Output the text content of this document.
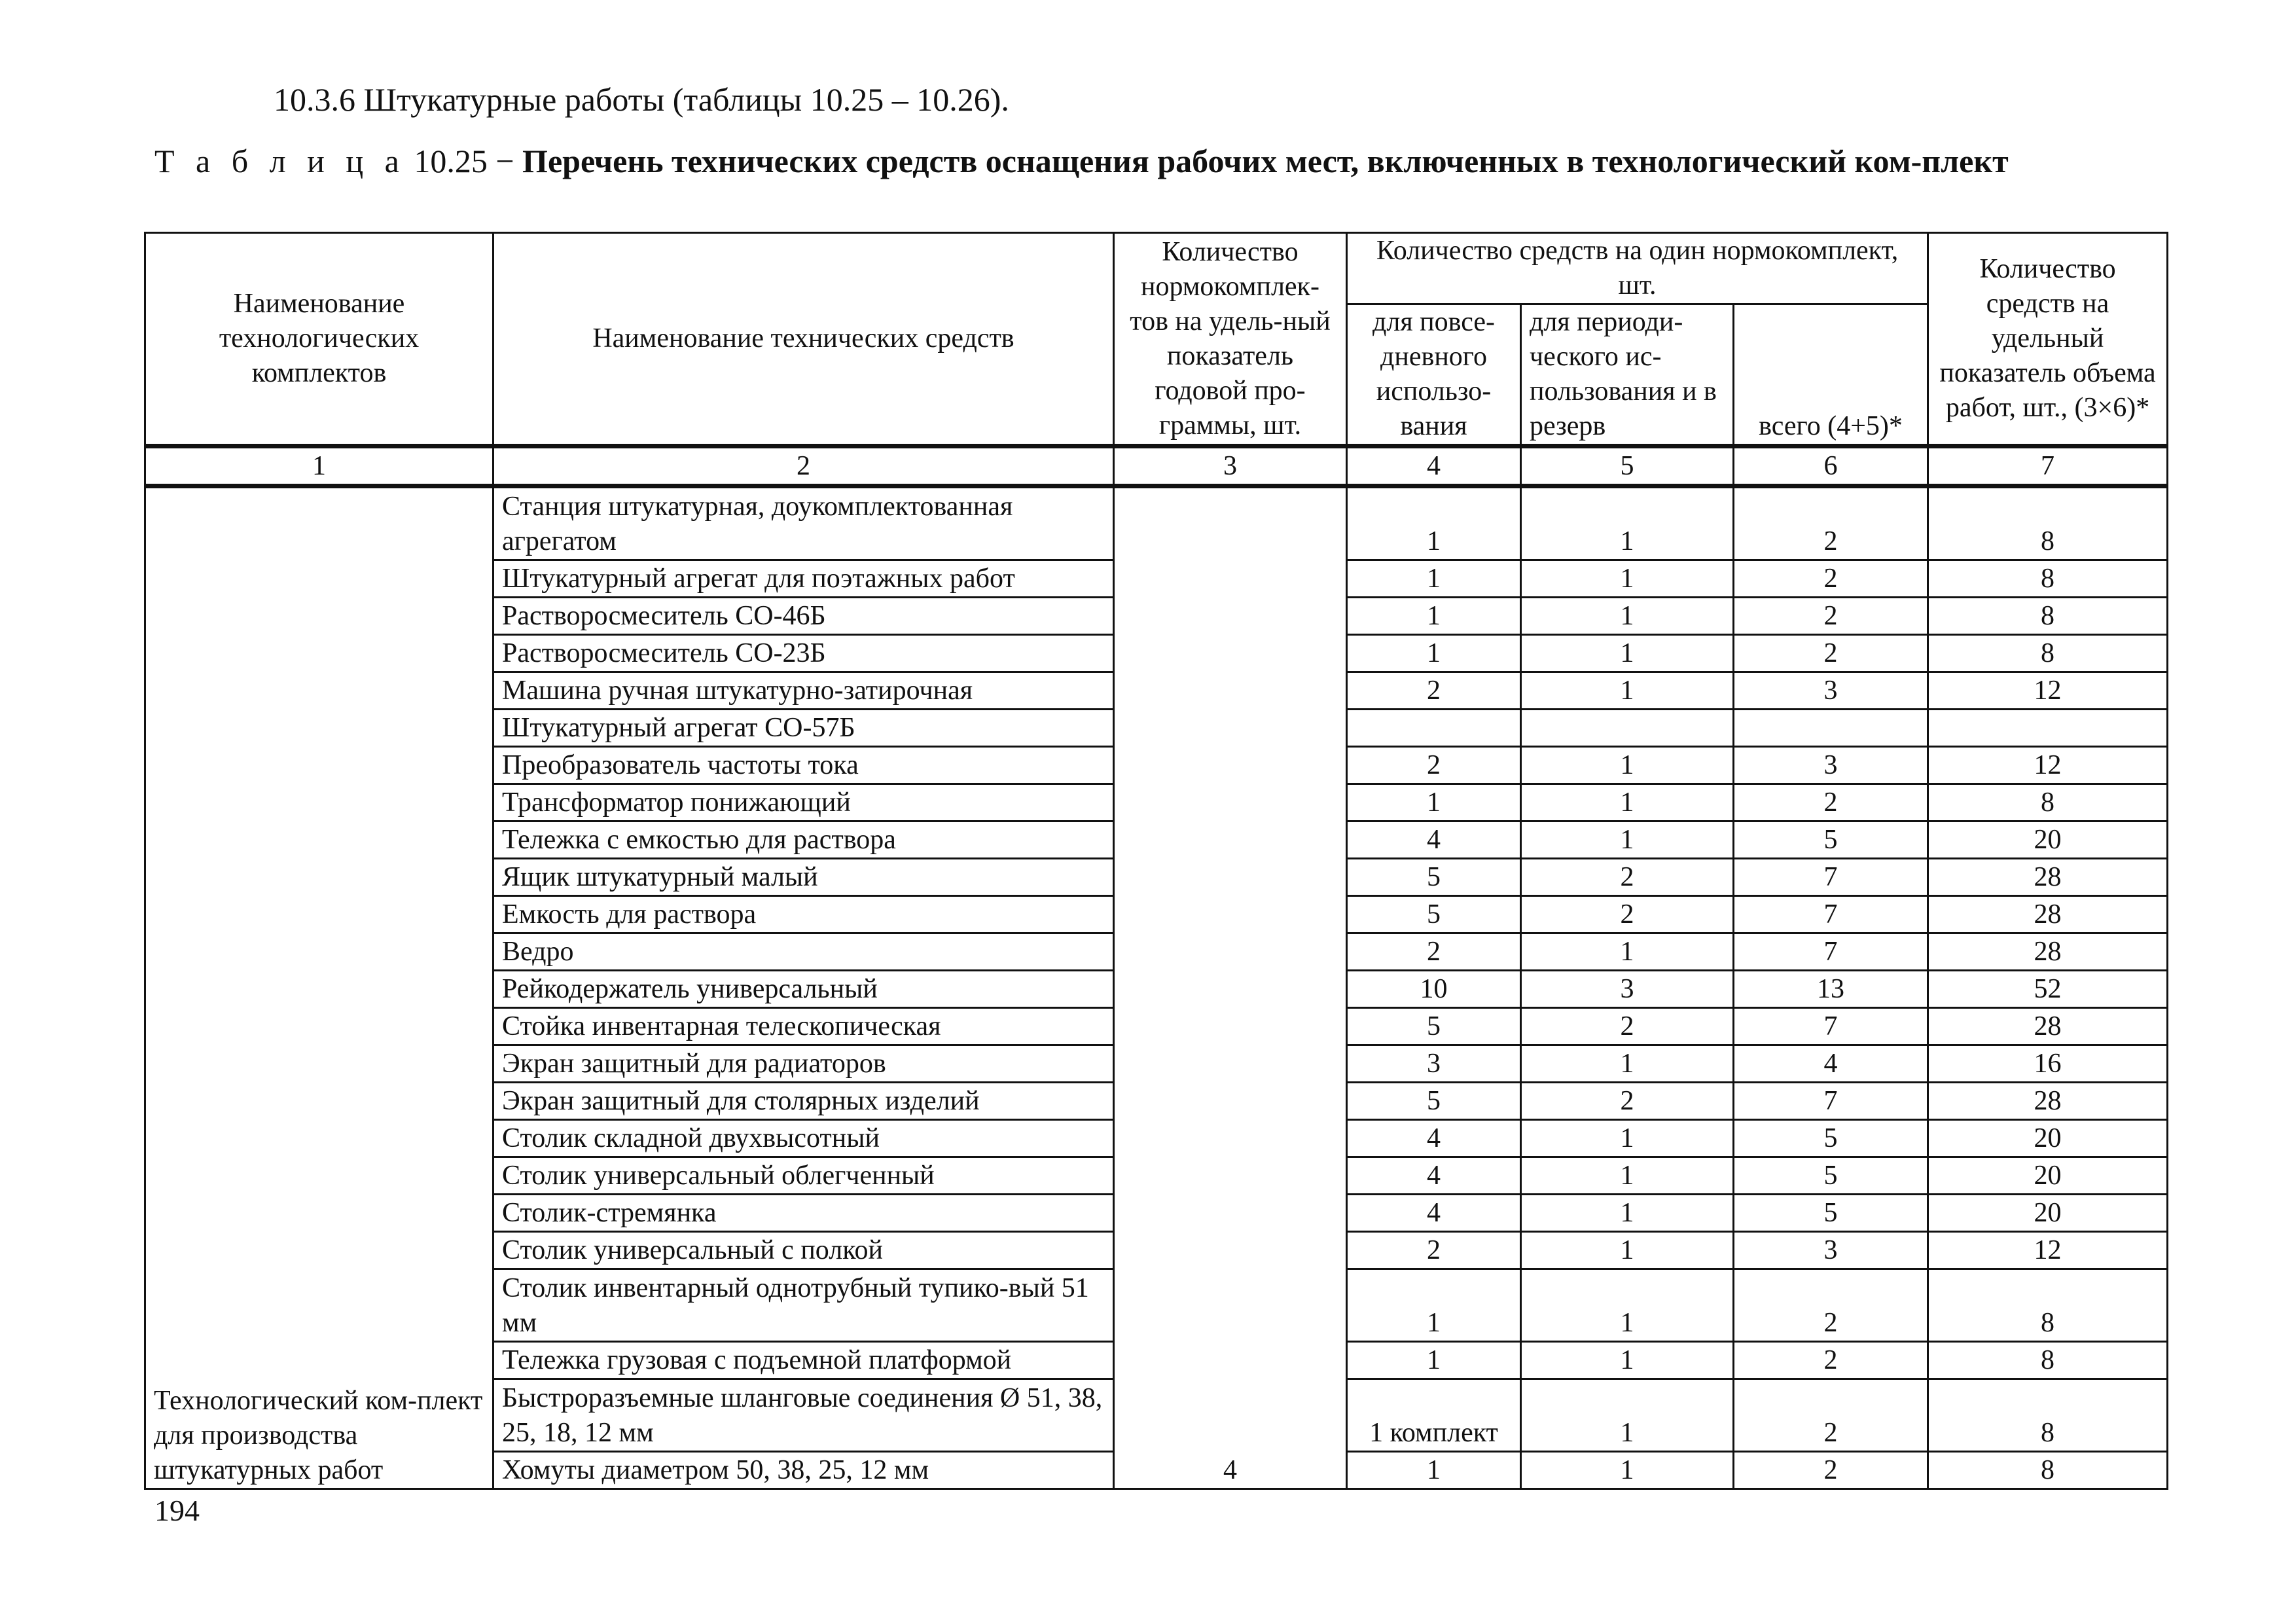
10.3.6 Штукатурные работы (таблицы 10.25 – 10.26).
Т а б л и ц а 10.25 − Перечень технических средств оснащения рабочих мест, включенных в технологический ком-плект
Наименование технологических комплектов	Наименование технических средств	Количество нормокомплек-тов на удель-ный показатель годовой про-граммы, шт.	Количество средств на один нормокомплект, шт.			Количество средств на удельный показатель объема работ, шт., (3×6)*
			для повсе-дневного использо-вания	для периоди-ческого ис-пользования и в резерв	всего (4+5)*	
1	2	3	4	5	6	7
Технологический ком-плект для производства штукатурных работ	Станция штукатурная, доукомплектованная агрегатом	4	1	1	2	8
	Штукатурный агрегат для поэтажных работ		1	1	2	8
	Растворосмеситель СО-46Б		1	1	2	8
	Растворосмеситель СО-23Б		1	1	2	8
	Машина ручная штукатурно-затирочная		2	1	3	12
	Штукатурный агрегат СО-57Б					
	Преобразователь частоты тока		2	1	3	12
	Трансформатор понижающий		1	1	2	8
	Тележка с емкостью для раствора		4	1	5	20
	Ящик штукатурный малый		5	2	7	28
	Емкость для раствора		5	2	7	28
	Ведро		2	1	7	28
	Рейкодержатель универсальный		10	3	13	52
	Стойка инвентарная телескопическая		5	2	7	28
	Экран защитный для радиаторов		3	1	4	16
	Экран защитный для столярных изделий		5	2	7	28
	Столик складной двухвысотный		4	1	5	20
	Столик универсальный облегченный		4	1	5	20
	Столик-стремянка		4	1	5	20
	Столик универсальный с полкой		2	1	3	12
	Столик инвентарный однотрубный тупико-вый 51 мм		1	1	2	8
	Тележка грузовая с подъемной платформой		1	1	2	8
	Быстроразъемные шланговые соединения Ø 51, 38, 25, 18, 12 мм		1 комплект	1	2	8
	Хомуты диаметром 50, 38, 25, 12 мм		1	1	2	8
194
